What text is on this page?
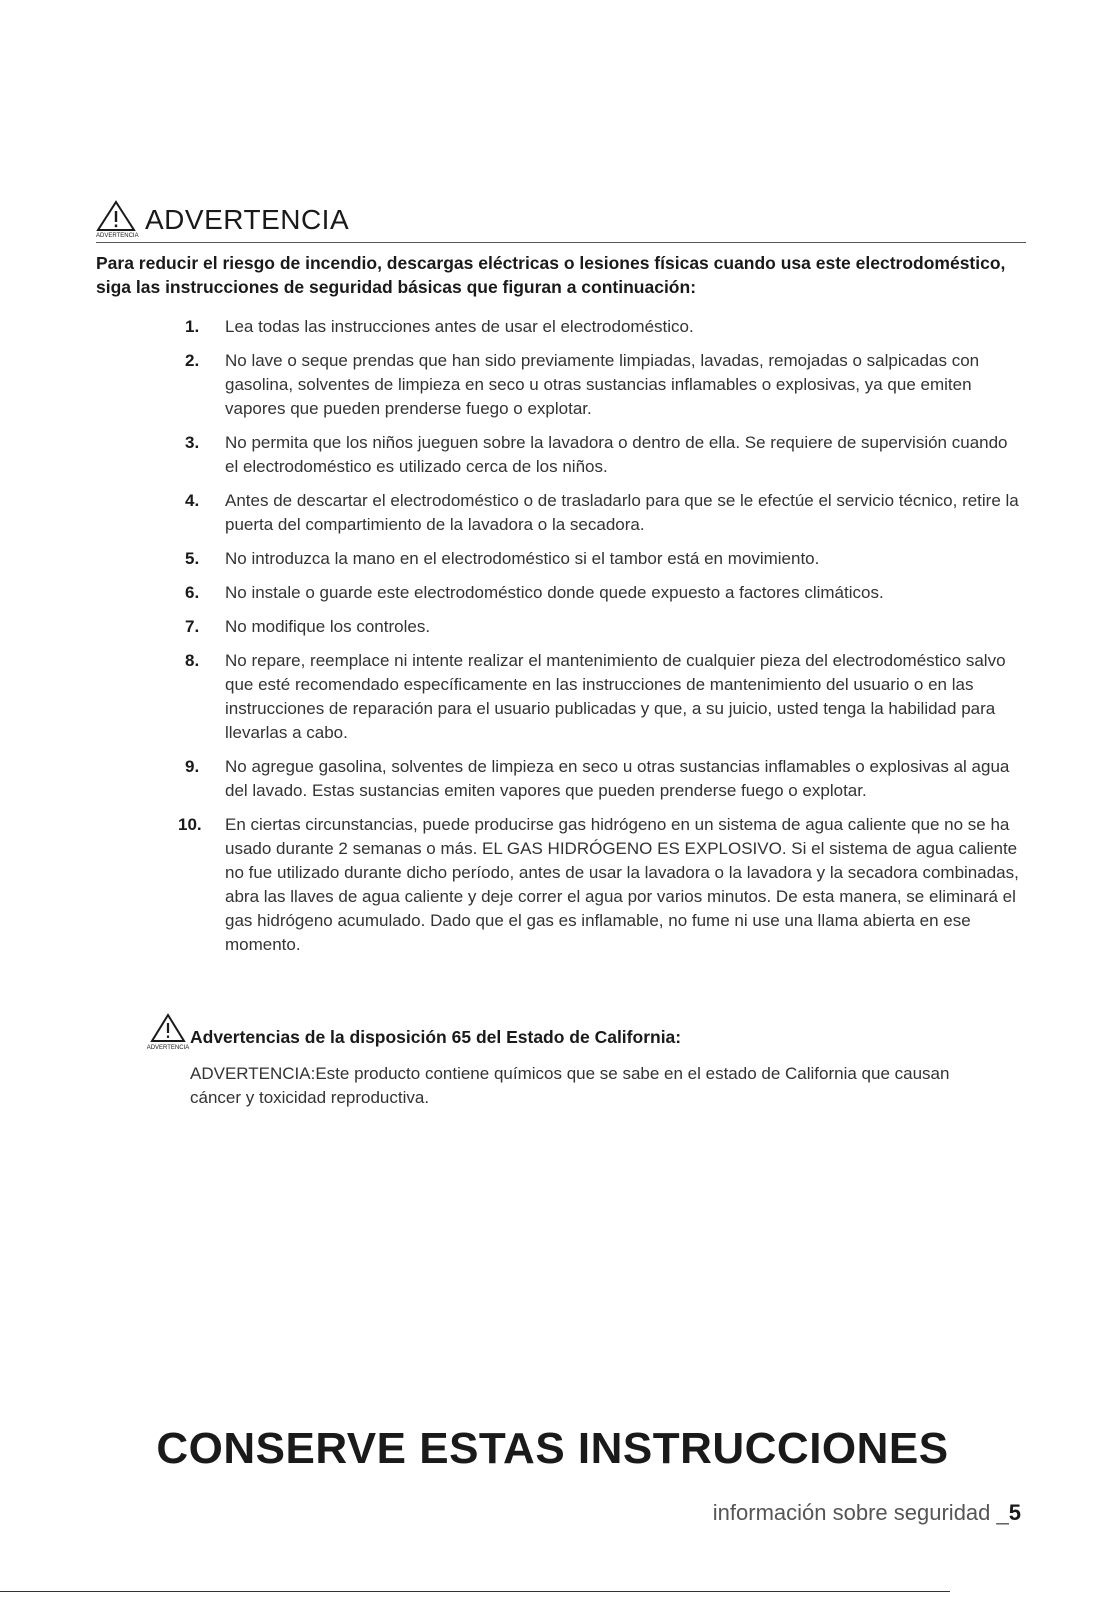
ADVERTENCIA
ADVERTENCIA
Para reducir el riesgo de incendio, descargas eléctricas o lesiones físicas cuando usa este electrodoméstico, siga las instrucciones de seguridad básicas que figuran a continuación:
1.	Lea todas las instrucciones antes de usar el electrodoméstico.
2.	No lave o seque prendas que han sido previamente limpiadas, lavadas, remojadas o salpicadas con gasolina, solventes de limpieza en seco u otras sustancias inflamables o explosivas, ya que emiten vapores que pueden prenderse fuego o explotar.
3.	No permita que los niños jueguen sobre la lavadora o dentro de ella. Se requiere de supervisión cuando el electrodoméstico es utilizado cerca de los niños.
4.	Antes de descartar el electrodoméstico o de trasladarlo para que se le efectúe el servicio técnico, retire la puerta del compartimiento de la lavadora o la secadora.
5.	No introduzca la mano en el electrodoméstico si el tambor está en movimiento.
6.	No instale o guarde este electrodoméstico donde quede expuesto a factores climáticos.
7.	No modifique los controles.
8.	No repare, reemplace ni intente realizar el mantenimiento de cualquier pieza del electrodoméstico salvo que esté recomendado específicamente en las instrucciones de mantenimiento del usuario o en las instrucciones de reparación para el usuario publicadas y que, a su juicio, usted tenga la habilidad para llevarlas a cabo.
9.	No agregue gasolina, solventes de limpieza en seco u otras sustancias inflamables o explosivas al agua del lavado. Estas sustancias emiten vapores que pueden prenderse fuego o explotar.
10.	En ciertas circunstancias, puede producirse gas hidrógeno en un sistema de agua caliente que no se ha usado durante 2 semanas o más. EL GAS HIDRÓGENO ES EXPLOSIVO. Si el sistema de agua caliente no fue utilizado durante dicho período, antes de usar la lavadora o la lavadora y la secadora combinadas, abra las llaves de agua caliente y deje correr el agua por varios minutos. De esta manera, se eliminará el gas hidrógeno acumulado. Dado que el gas es inflamable, no fume ni use una llama abierta en ese momento.
ADVERTENCIA
Advertencias de la disposición 65 del Estado de California:
ADVERTENCIA:Este producto contiene químicos que se sabe en el estado de California que causan cáncer y toxicidad reproductiva.
CONSERVE ESTAS INSTRUCCIONES
información sobre seguridad _5
